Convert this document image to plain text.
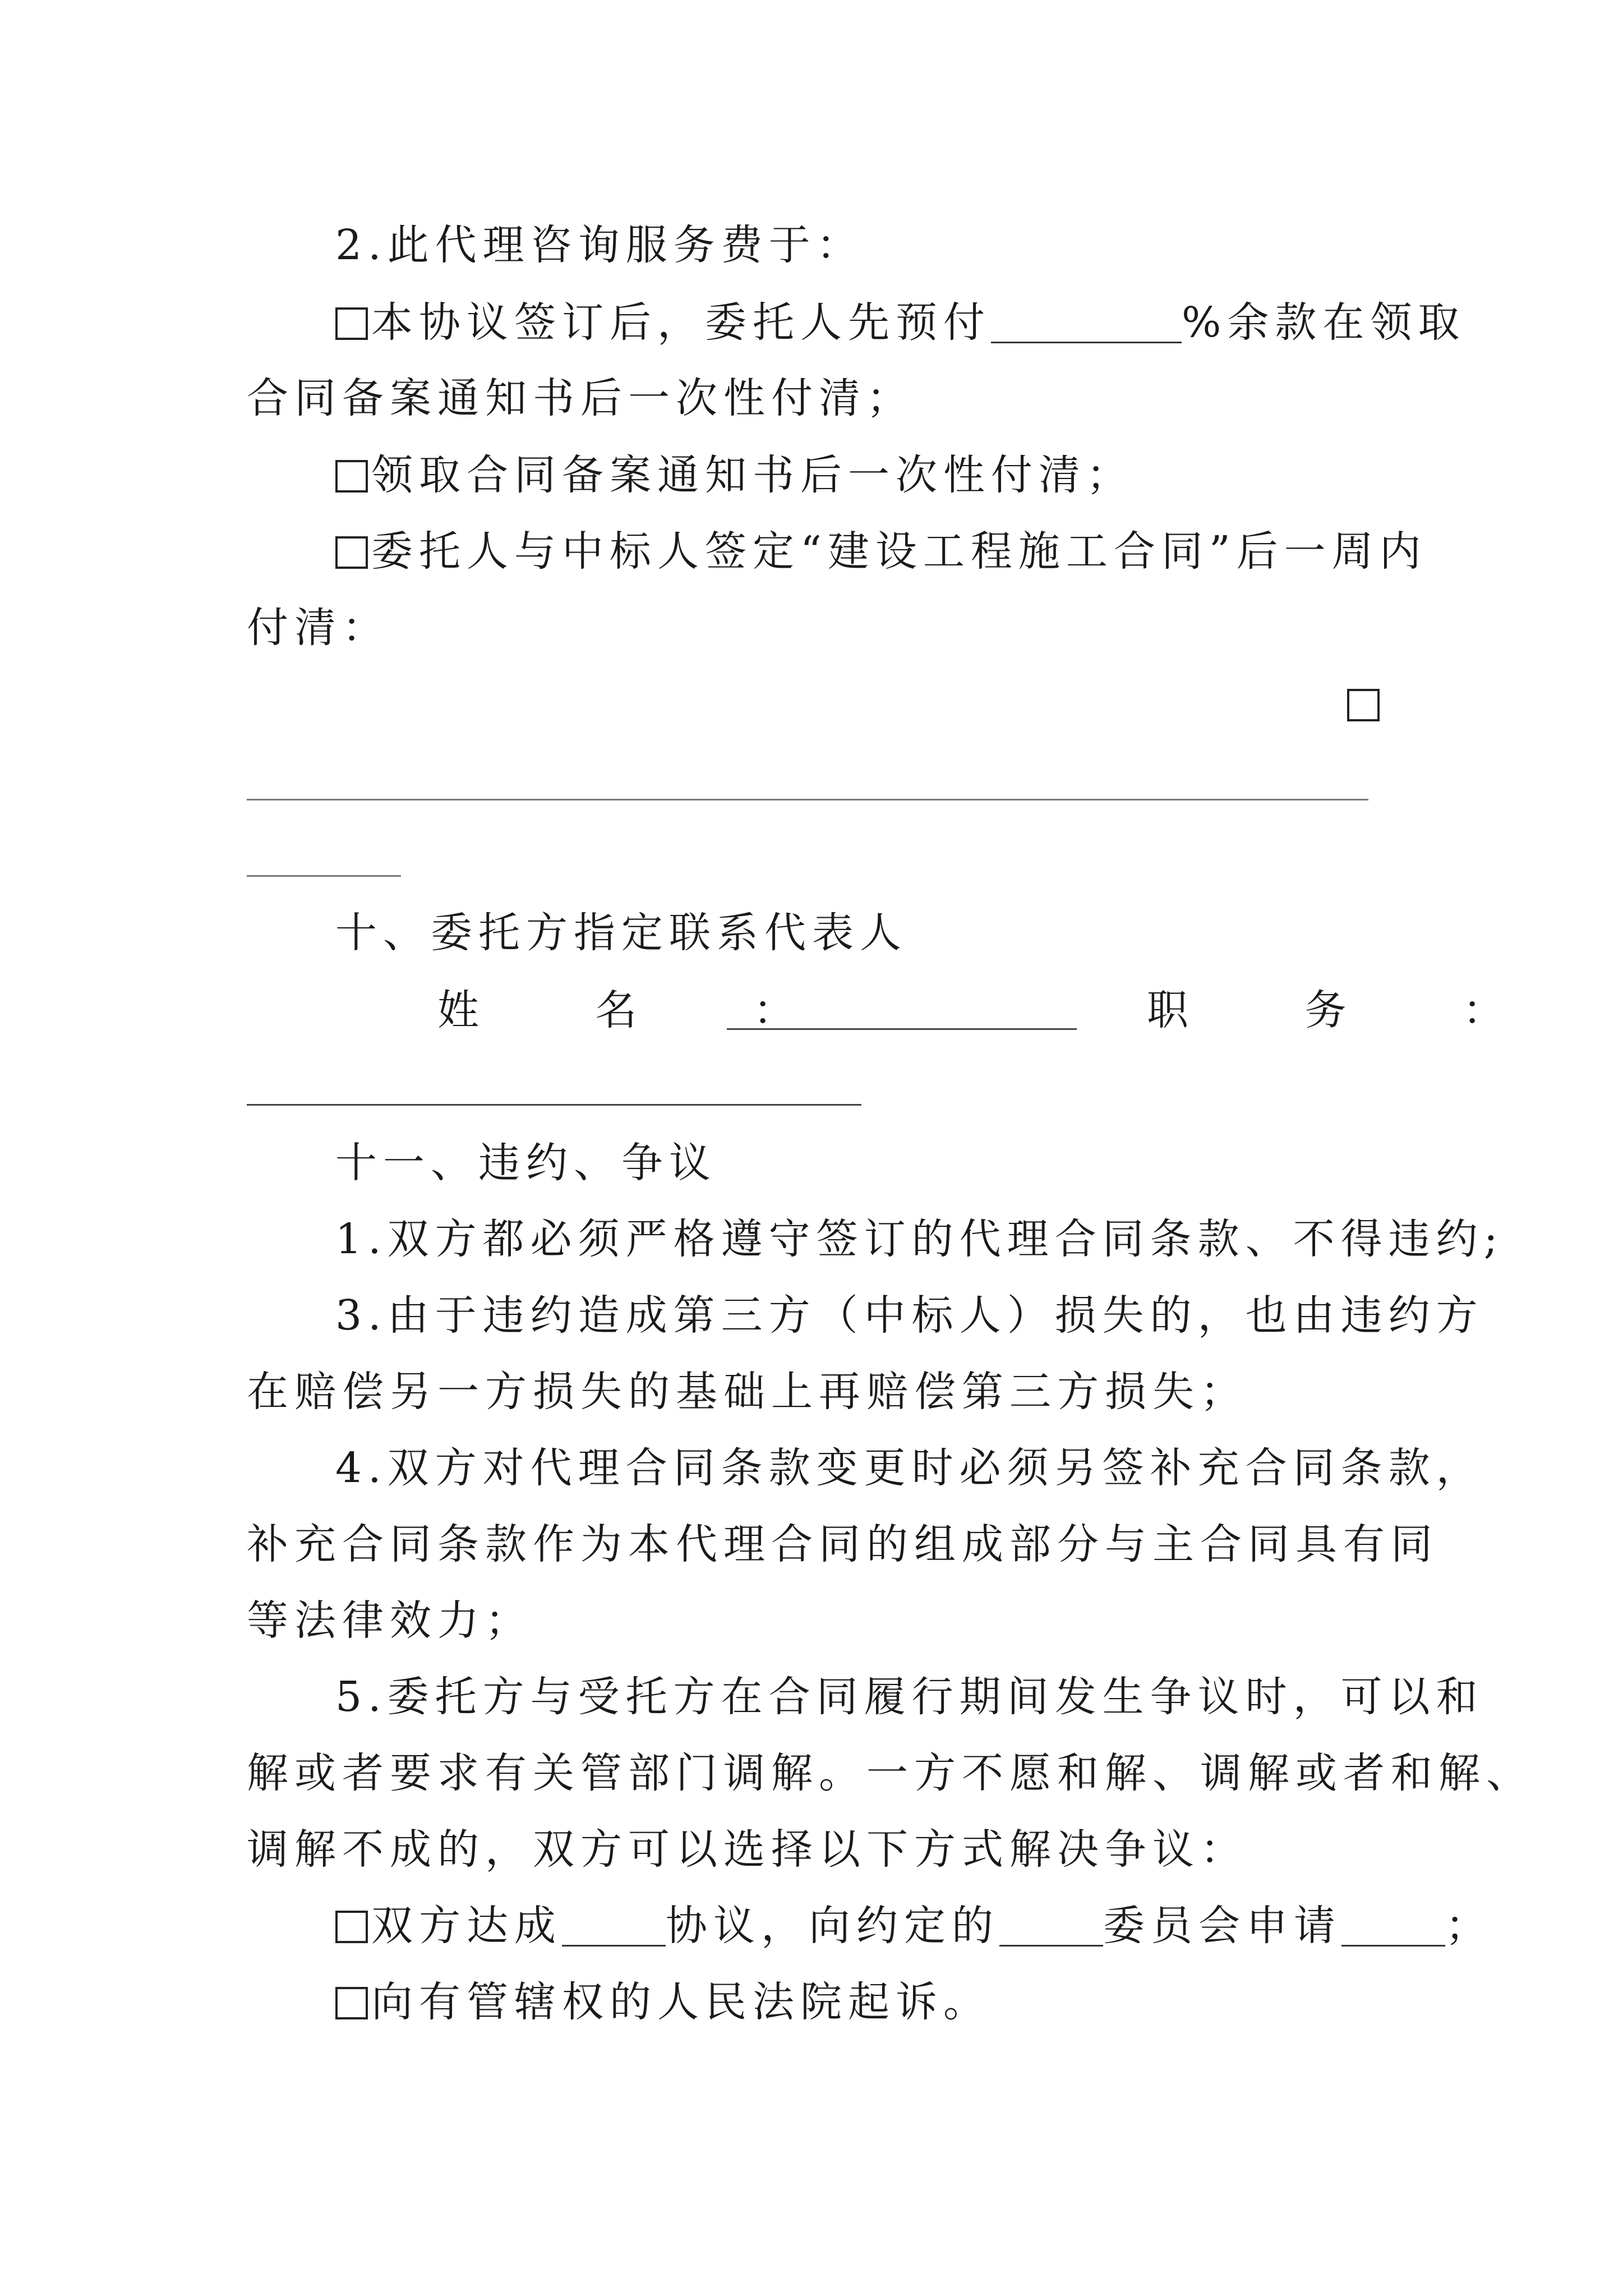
2.此代理咨询服务费于：
本协议签订后，委托人先预付	%余款在领取
合同备案通知书后一次性付清；
领取合同备案通知书后一次性付清；
委托人与中标人签定“建设工程施工合同”后一周内
付清：
十、委托方指定联系代表人
姓 名 ：	职 务 ：
十一、违约、争议
1.双方都必须严格遵守签订的代理合同条款、不得违约;
3.由于违约造成第三方（中标人）损失的，也由违约方
在赔偿另一方损失的基础上再赔偿第三方损失；
4.双方对代理合同条款变更时必须另签补充合同条款，
补充合同条款作为本代理合同的组成部分与主合同具有同
等法律效力；
5.委托方与受托方在合同履行期间发生争议时，可以和
解或者要求有关管部门调解。一方不愿和解、调解或者和解、
调解不成的，双方可以选择以下方式解决争议：
双方达成	协议，向约定的	委员会申请	；
向有管辖权的人民法院起诉。
